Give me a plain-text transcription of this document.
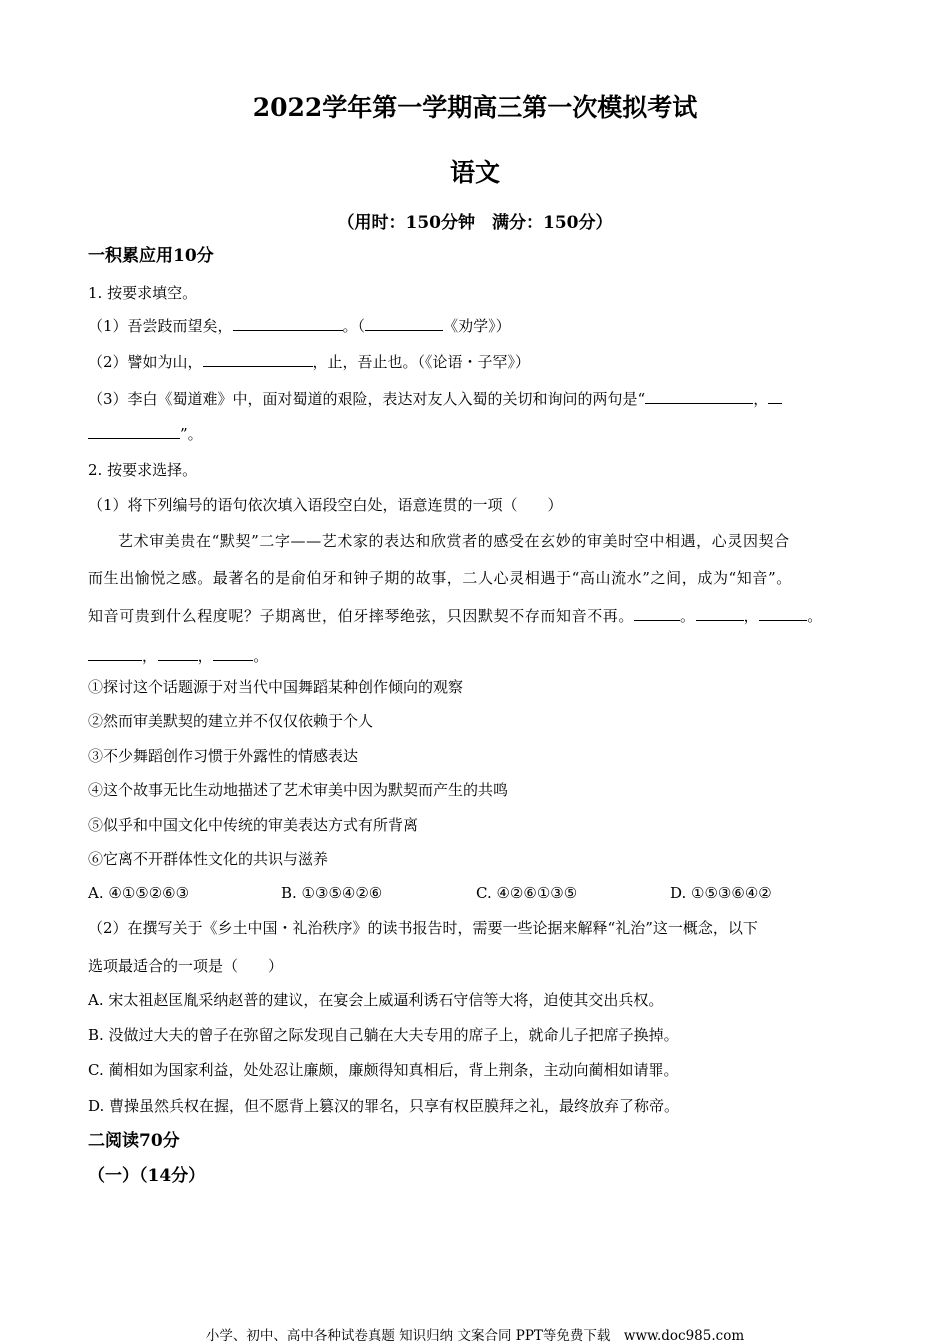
2022学年第一学期高三第一次模拟考试
语文
（用时：150分钟　满分：150分）
一积累应用10分
1. 按要求填空。
（1）吾尝跂而望矣，	。（	《劝学》）
（2）譬如为山，	，止，吾止也。（《论语・子罕》）
（3）李白《蜀道难》中，面对蜀道的艰险，表达对友人入蜀的关切和询问的两句是“	，
”。
2. 按要求选择。
（1）将下列编号的语句依次填入语段空白处，语意连贯的一项（　　）
艺术审美贵在“默契”二字——艺术家的表达和欣赏者的感受在玄妙的审美时空中相遇，心灵因契合
而生出愉悦之感。最著名的是俞伯牙和钟子期的故事，二人心灵相遇于“高山流水”之间，成为“知音”。
知音可贵到什么程度呢？子期离世，伯牙摔琴绝弦，只因默契不存而知音不再。	。	，	。
，	，	。
①探讨这个话题源于对当代中国舞蹈某种创作倾向的观察
②然而审美默契的建立并不仅仅依赖于个人
③不少舞蹈创作习惯于外露性的情感表达
④这个故事无比生动地描述了艺术审美中因为默契而产生的共鸣
⑤似乎和中国文化中传统的审美表达方式有所背离
⑥它离不开群体性文化的共识与滋养
A. ④①⑤②⑥③	B. ①③⑤④②⑥	C. ④②⑥①③⑤	D. ①⑤③⑥④②
（2）在撰写关于《乡土中国・礼治秩序》的读书报告时，需要一些论据来解释“礼治”这一概念，以下
选项最适合的一项是（　　）
A. 宋太祖赵匡胤采纳赵普的建议，在宴会上威逼利诱石守信等大将，迫使其交出兵权。
B. 没做过大夫的曾子在弥留之际发现自己躺在大夫专用的席子上，就命儿子把席子换掉。
C. 蔺相如为国家利益，处处忍让廉颇，廉颇得知真相后，背上荆条，主动向蔺相如请罪。
D. 曹操虽然兵权在握，但不愿背上篡汉的罪名，只享有权臣膜拜之礼，最终放弃了称帝。
二阅读70分
（一）（14分）
小学、初中、高中各种试卷真题 知识归纳 文案合同 PPT等免费下载　www.doc985.com
